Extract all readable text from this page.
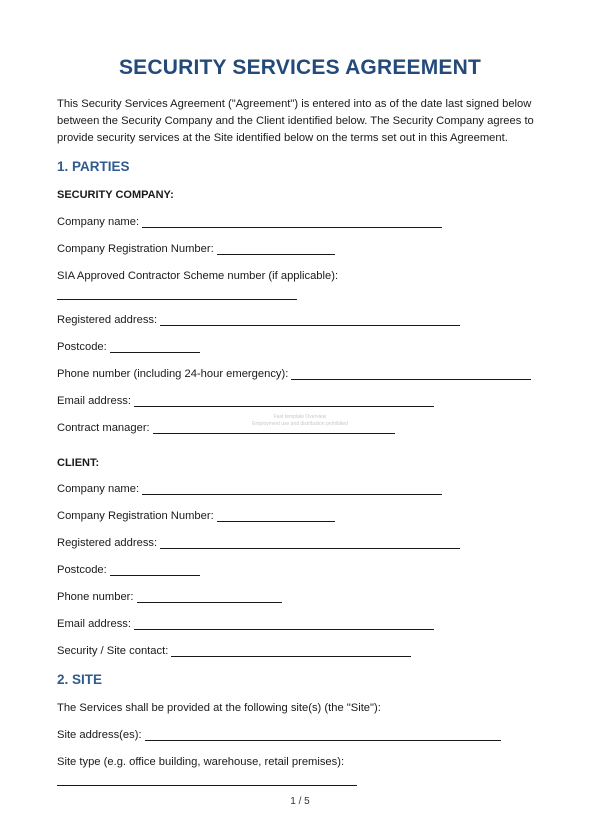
SECURITY SERVICES AGREEMENT
This Security Services Agreement ("Agreement") is entered into as of the date last signed below
between the Security Company and the Client identified below. The Security Company agrees to
provide security services at the Site identified below on the terms set out in this Agreement.
1. PARTIES
SECURITY COMPANY:
Company name:
Company Registration Number:
SIA Approved Contractor Scheme number (if applicable):
Registered address:
Postcode:
Phone number (including 24-hour emergency):
Email address:
Contract manager:
Fast template Overview
Employment use and distribution prohibited
CLIENT:
Company name:
Company Registration Number:
Registered address:
Postcode:
Phone number:
Email address:
Security / Site contact:
2. SITE
The Services shall be provided at the following site(s) (the "Site"):
Site address(es):
Site type (e.g. office building, warehouse, retail premises):
1 / 5
